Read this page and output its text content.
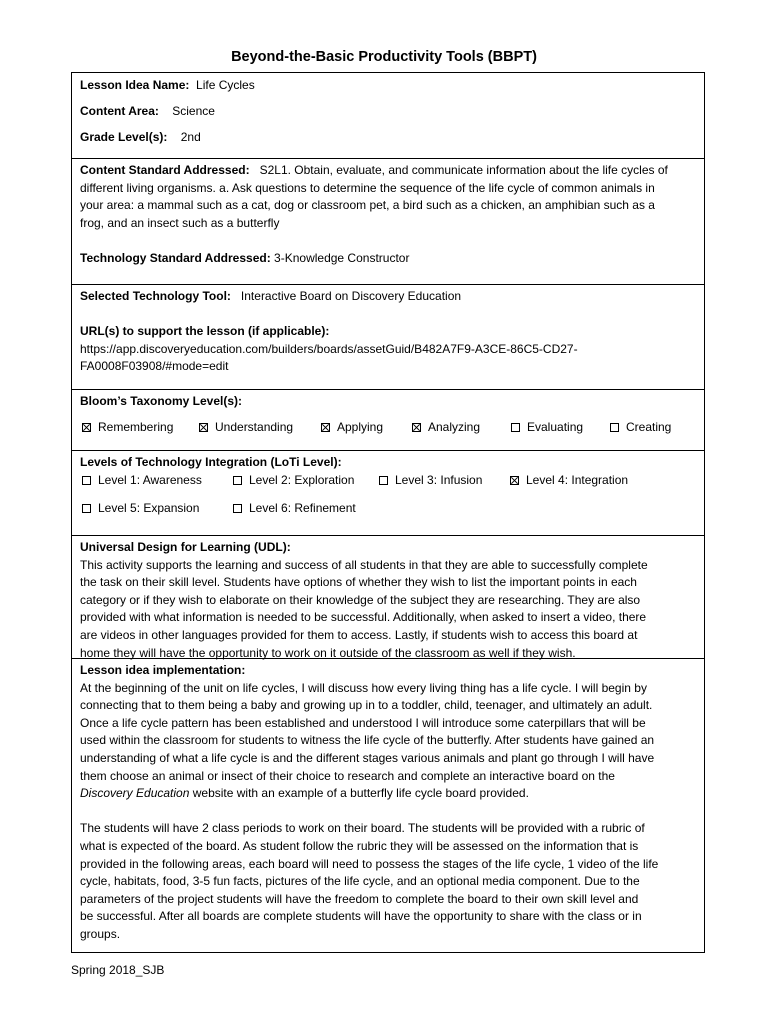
Beyond-the-Basic Productivity Tools (BBPT)
Lesson Idea Name: Life Cycles
Content Area: Science
Grade Level(s): 2nd
Content Standard Addressed: S2L1. Obtain, evaluate, and communicate information about the life cycles of
different living organisms. a. Ask questions to determine the sequence of the life cycle of common animals in
your area: a mammal such as a cat, dog or classroom pet, a bird such as a chicken, an amphibian such as a
frog, and an insect such as a butterfly
Technology Standard Addressed: 3-Knowledge Constructor
Selected Technology Tool: Interactive Board on Discovery Education
URL(s) to support the lesson (if applicable):
https://app.discoveryeducation.com/builders/boards/assetGuid/B482A7F9-A3CE-86C5-CD27-
FA0008F03908/#mode=edit
Bloom’s Taxonomy Level(s):
Remembering	Understanding	Applying	Analyzing	Evaluating	Creating
Levels of Technology Integration (LoTi Level):
Level 1: Awareness	Level 2: Exploration	Level 3: Infusion	Level 4: Integration
Level 5: Expansion	Level 6: Refinement
Universal Design for Learning (UDL):
This activity supports the learning and success of all students in that they are able to successfully complete
the task on their skill level. Students have options of whether they wish to list the important points in each
category or if they wish to elaborate on their knowledge of the subject they are researching. They are also
provided with what information is needed to be successful. Additionally, when asked to insert a video, there
are videos in other languages provided for them to access. Lastly, if students wish to access this board at
home they will have the opportunity to work on it outside of the classroom as well if they wish.
Lesson idea implementation:
At the beginning of the unit on life cycles, I will discuss how every living thing has a life cycle. I will begin by
connecting that to them being a baby and growing up in to a toddler, child, teenager, and ultimately an adult.
Once a life cycle pattern has been established and understood I will introduce some caterpillars that will be
used within the classroom for students to witness the life cycle of the butterfly. After students have gained an
understanding of what a life cycle is and the different stages various animals and plant go through I will have
them choose an animal or insect of their choice to research and complete an interactive board on the
Discovery Education website with an example of a butterfly life cycle board provided.
The students will have 2 class periods to work on their board. The students will be provided with a rubric of
what is expected of the board. As student follow the rubric they will be assessed on the information that is
provided in the following areas, each board will need to possess the stages of the life cycle, 1 video of the life
cycle, habitats, food, 3-5 fun facts, pictures of the life cycle, and an optional media component. Due to the
parameters of the project students will have the freedom to complete the board to their own skill level and
be successful. After all boards are complete students will have the opportunity to share with the class or in
groups.
Spring 2018_SJB
